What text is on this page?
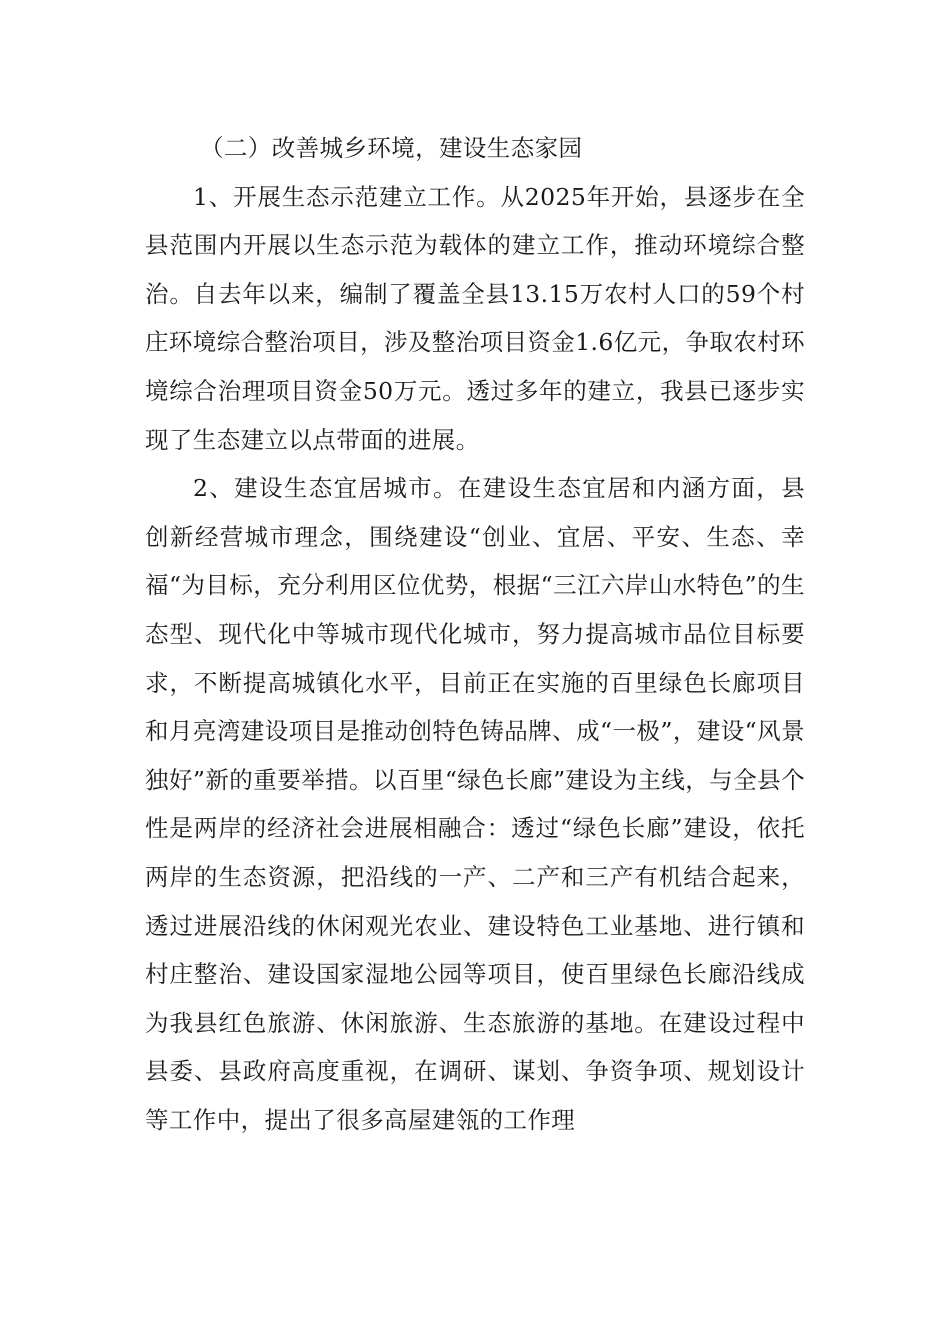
（二）改善城乡环境，建设生态家园

1、开展生态示范建立工作。从2025年开始，县逐步在全县范围内开展以生态示范为载体的建立工作，推动环境综合整治。自去年以来，编制了覆盖全县13.15万农村人口的59个村庄环境综合整治项目，涉及整治项目资金1.6亿元，争取农村环境综合治理项目资金50万元。透过多年的建立，我县已逐步实现了生态建立以点带面的进展。

2、建设生态宜居城市。在建设生态宜居和内涵方面，县创新经营城市理念，围绕建设“创业、宜居、平安、生态、幸福“为目标，充分利用区位优势，根据“三江六岸山水特色”的生态型、现代化中等城市现代化城市，努力提高城市品位目标要求，不断提高城镇化水平，目前正在实施的百里绿色长廊项目和月亮湾建设项目是推动创特色铸品牌、成“一极”，建设“风景独好”新的重要举措。以百里“绿色长廊”建设为主线，与全县个性是两岸的经济社会进展相融合：透过“绿色长廊”建设，依托两岸的生态资源，把沿线的一产、二产和三产有机结合起来，透过进展沿线的休闲观光农业、建设特色工业基地、进行镇和村庄整治、建设国家湿地公园等项目，使百里绿色长廊沿线成为我县红色旅游、休闲旅游、生态旅游的基地。在建设过程中县委、县政府高度重视，在调研、谋划、争资争项、规划设计等工作中，提出了很多高屋建瓴的工作理
